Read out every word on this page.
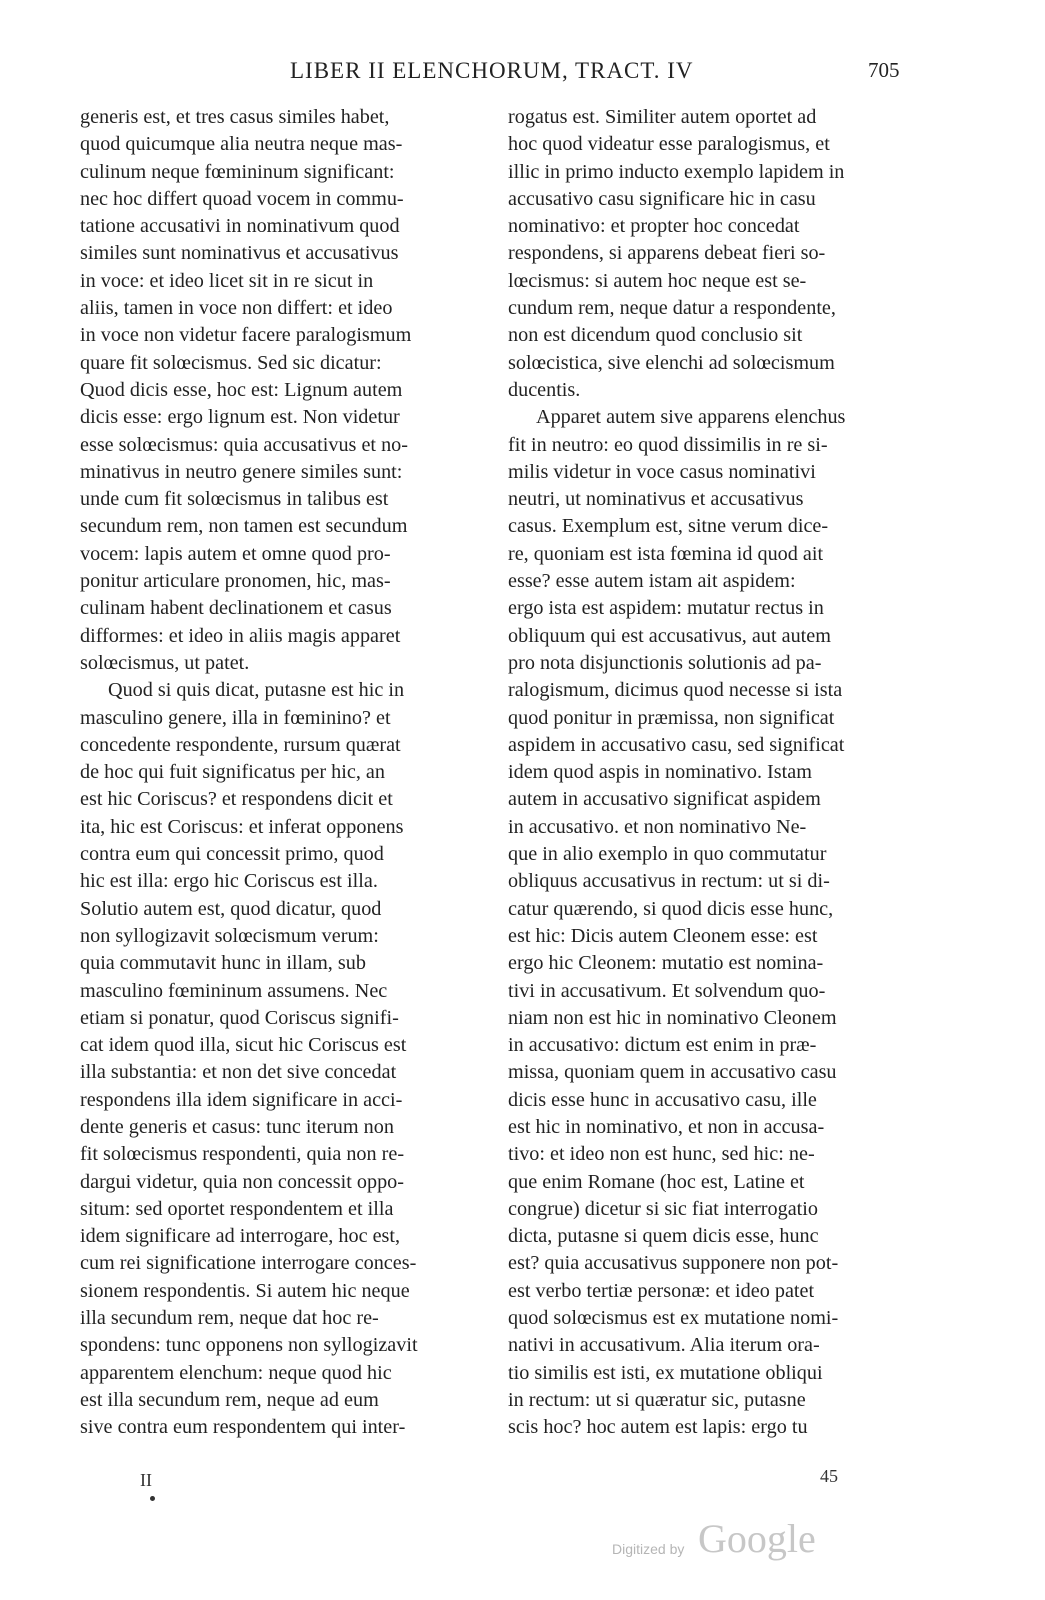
LIBER II ELENCHORUM, TRACT. IV	705
generis est, et tres casus similes habet,
quod quicumque alia neutra neque mas-
culinum neque fœmininum significant:
nec hoc differt quoad vocem in commu-
tatione accusativi in nominativum quod
similes sunt nominativus et accusativus
in voce: et ideo licet sit in re sicut in
aliis, tamen in voce non differt: et ideo
in voce non videtur facere paralogismum
quare fit solœcismus. Sed sic dicatur:
Quod dicis esse, hoc est: Lignum autem
dicis esse: ergo lignum est. Non videtur
esse solœcismus: quia accusativus et no-
minativus in neutro genere similes sunt:
unde cum fit solœcismus in talibus est
secundum rem, non tamen est secundum
vocem: lapis autem et omne quod pro-
ponitur articulare pronomen, hic, mas-
culinam habent declinationem et casus
difformes: et ideo in aliis magis apparet
solœcismus, ut patet.
Quod si quis dicat, putasne est hic in
masculino genere, illa in fœminino? et
concedente respondente, rursum quærat
de hoc qui fuit significatus per hic, an
est hic Coriscus? et respondens dicit et
ita, hic est Coriscus: et inferat opponens
contra eum qui concessit primo, quod
hic est illa: ergo hic Coriscus est illa.
Solutio autem est, quod dicatur, quod
non syllogizavit solœcismum verum:
quia commutavit hunc in illam, sub
masculino fœmininum assumens. Nec
etiam si ponatur, quod Coriscus signifi-
cat idem quod illa, sicut hic Coriscus est
illa substantia: et non det sive concedat
respondens illa idem significare in acci-
dente generis et casus: tunc iterum non
fit solœcismus respondenti, quia non re-
dargui videtur, quia non concessit oppo-
situm: sed oportet respondentem et illa
idem significare ad interrogare, hoc est,
cum rei significatione interrogare conces-
sionem respondentis. Si autem hic neque
illa secundum rem, neque dat hoc re-
spondens: tunc opponens non syllogizavit
apparentem elenchum: neque quod hic
est illa secundum rem, neque ad eum
sive contra eum respondentem qui inter-
rogatus est. Similiter autem oportet ad
hoc quod videatur esse paralogismus, et
illic in primo inducto exemplo lapidem in
accusativo casu significare hic in casu
nominativo: et propter hoc concedat
respondens, si apparens debeat fieri so-
lœcismus: si autem hoc neque est se-
cundum rem, neque datur a respondente,
non est dicendum quod conclusio sit
solœcistica, sive elenchi ad solœcismum
ducentis.
Apparet autem sive apparens elenchus
fit in neutro: eo quod dissimilis in re si-
milis videtur in voce casus nominativi
neutri, ut nominativus et accusativus
casus. Exemplum est, sitne verum dice-
re, quoniam est ista fœmina id quod ait
esse? esse autem istam ait aspidem:
ergo ista est aspidem: mutatur rectus in
obliquum qui est accusativus, aut autem
pro nota disjunctionis solutionis ad pa-
ralogismum, dicimus quod necesse si ista
quod ponitur in præmissa, non significat
aspidem in accusativo casu, sed significat
idem quod aspis in nominativo. Istam
autem in accusativo significat aspidem
in accusativo. et non nominativo Ne-
que in alio exemplo in quo commutatur
obliquus accusativus in rectum: ut si di-
catur quærendo, si quod dicis esse hunc,
est hic: Dicis autem Cleonem esse: est
ergo hic Cleonem: mutatio est nomina-
tivi in accusativum. Et solvendum quo-
niam non est hic in nominativo Cleonem
in accusativo: dictum est enim in præ-
missa, quoniam quem in accusativo casu
dicis esse hunc in accusativo casu, ille
est hic in nominativo, et non in accusa-
tivo: et ideo non est hunc, sed hic: ne-
que enim Romane (hoc est, Latine et
congrue) dicetur si sic fiat interrogatio
dicta, putasne si quem dicis esse, hunc
est? quia accusativus supponere non pot-
est verbo tertiæ personæ: et ideo patet
quod solœcismus est ex mutatione nomi-
nativi in accusativum. Alia iterum ora-
tio similis est isti, ex mutatione obliqui
in rectum: ut si quæratur sic, putasne
scis hoc? hoc autem est lapis: ergo tu
II	45
Digitized by Google
